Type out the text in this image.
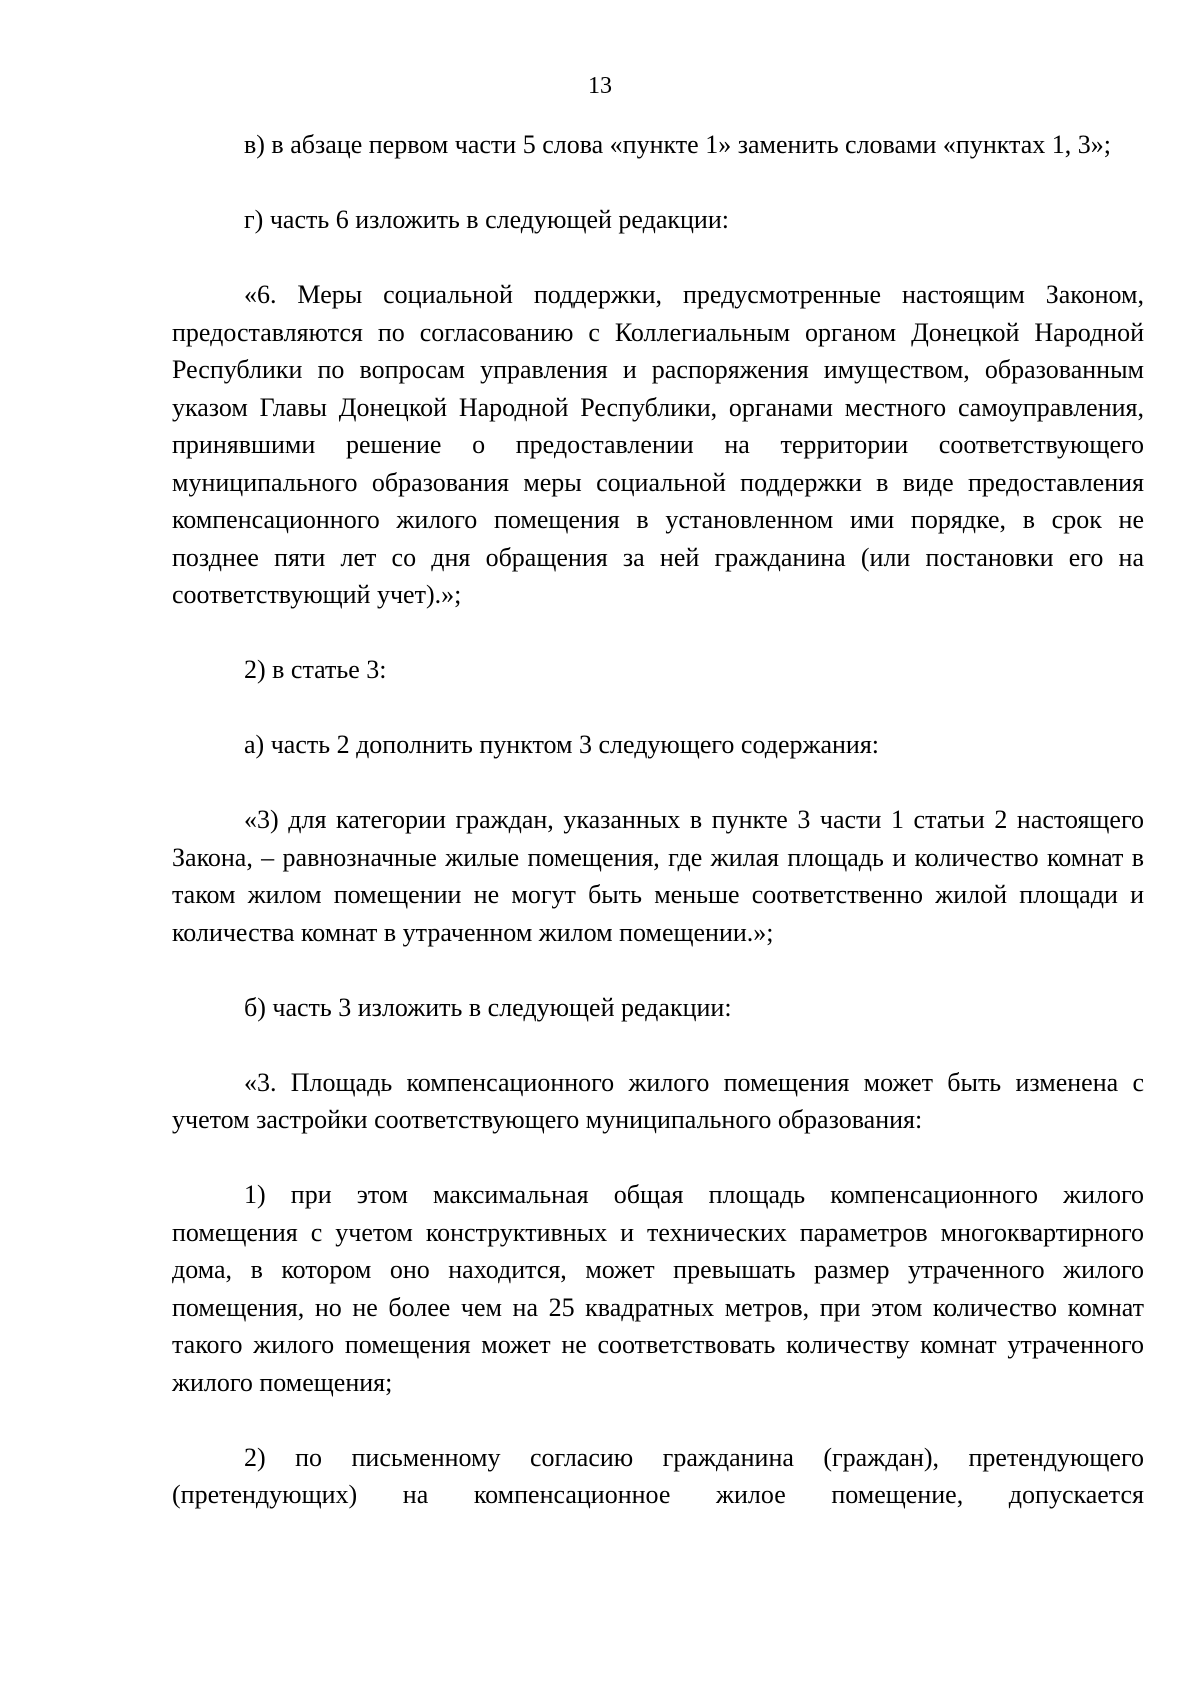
13

в) в абзаце первом части 5 слова «пункте 1» заменить словами «пунктах 1, 3»;

г) часть 6 изложить в следующей редакции:

«6. Меры социальной поддержки, предусмотренные настоящим Законом, предоставляются по согласованию с Коллегиальным органом Донецкой Народной Республики по вопросам управления и распоряжения имуществом, образованным указом Главы Донецкой Народной Республики, органами местного самоуправления, принявшими решение о предоставлении на территории соответствующего муниципального образования меры социальной поддержки в виде предоставления компенсационного жилого помещения в установленном ими порядке, в срок не позднее пяти лет со дня обращения за ней гражданина (или постановки его на соответствующий учет).»;

2) в статье 3:

а) часть 2 дополнить пунктом 3 следующего содержания:

«3) для категории граждан, указанных в пункте 3 части 1 статьи 2 настоящего Закона, – равнозначные жилые помещения, где жилая площадь и количество комнат в таком жилом помещении не могут быть меньше соответственно жилой площади и количества комнат в утраченном жилом помещении.»;

б) часть 3 изложить в следующей редакции:

«3. Площадь компенсационного жилого помещения может быть изменена с учетом застройки соответствующего муниципального образования:

1) при этом максимальная общая площадь компенсационного жилого помещения с учетом конструктивных и технических параметров многоквартирного дома, в котором оно находится, может превышать размер утраченного жилого помещения, но не более чем на 25 квадратных метров, при этом количество комнат такого жилого помещения может не соответствовать количеству комнат утраченного жилого помещения;

2) по письменному согласию гражданина (граждан), претендующего (претендующих) на компенсационное жилое помещение, допускается
